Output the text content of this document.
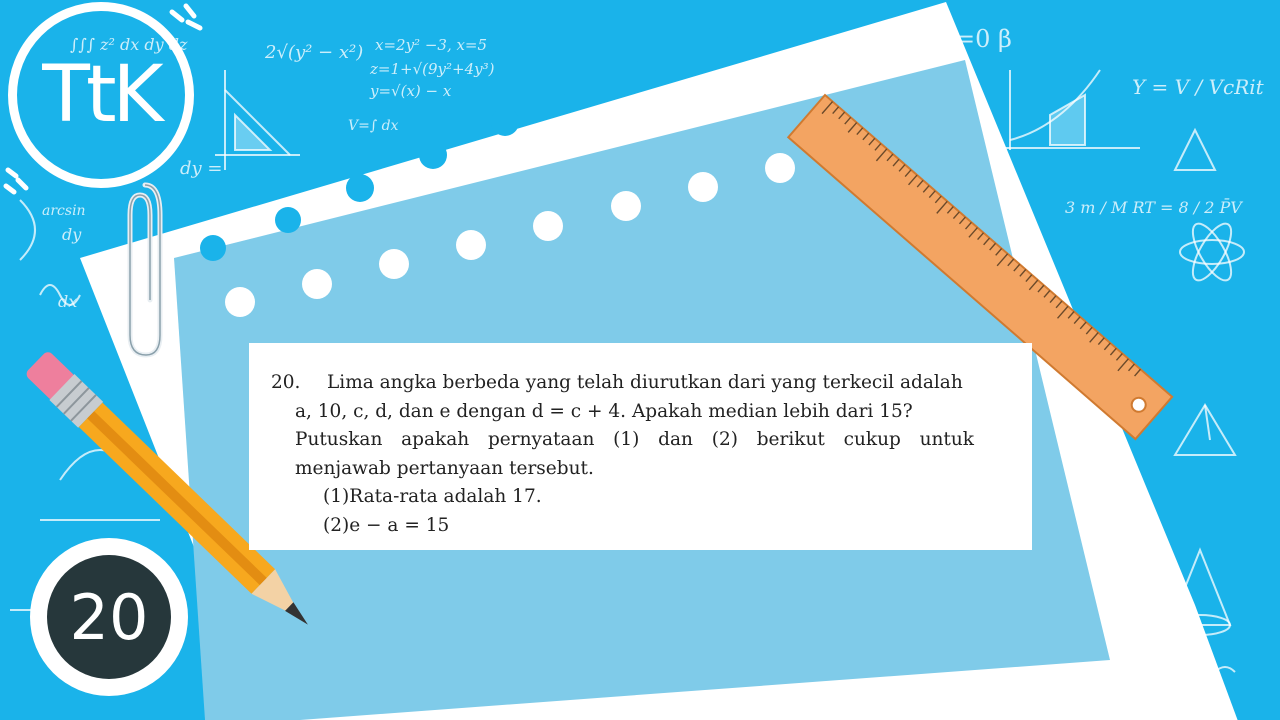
∫∫∫ z² dx dy dz	2√(y² − x²) x=2y² −3, x=5
z=1+√(9y²+4y³)
y=√(x) − x
=0 β
Y = V / VcRit
3 m / M RT = 8 / 2 P̄V
arcsin
dy
dx
dy =
V=∫ dx
TtK
20
20. Lima angka berbeda yang telah diurutkan dari yang terkecil adalah
a, 10, c, d, dan e dengan d = c + 4. Apakah median lebih dari 15?
Putuskan apakah pernyataan (1) dan (2) berikut cukup untuk
menjawab pertanyaan tersebut.
(1)Rata-rata adalah 17.
(2)e − a = 15
